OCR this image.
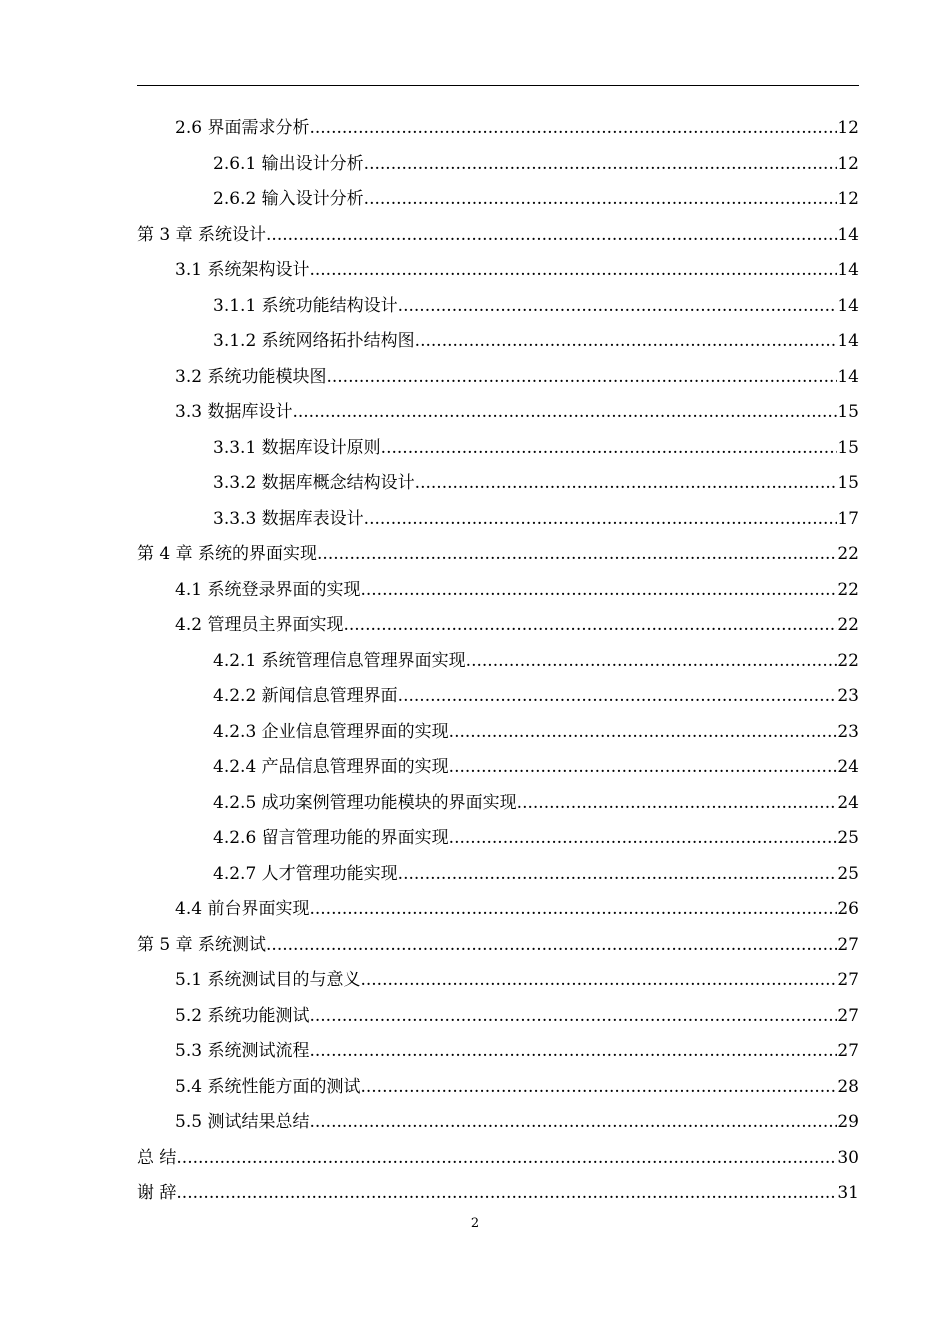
2.6 界面需求分析 .....	12
2.6.1 输出设计分析 .....	12
2.6.2 输入设计分析 .....	12
第 3 章 系统设计 .....	14
3.1 系统架构设计 .....	14
3.1.1 系统功能结构设计 .....	14
3.1.2 系统网络拓扑结构图 .....	14
3.2 系统功能模块图 .....	14
3.3 数据库设计 .....	15
3.3.1 数据库设计原则 .....	15
3.3.2 数据库概念结构设计 .....	15
3.3.3 数据库表设计 .....	17
第 4 章 系统的界面实现 .....	22
4.1 系统登录界面的实现 .....	22
4.2 管理员主界面实现 .....	22
4.2.1 系统管理信息管理界面实现 .....	22
4.2.2 新闻信息管理界面 .....	23
4.2.3 企业信息管理界面的实现 .....	23
4.2.4 产品信息管理界面的实现 .....	24
4.2.5 成功案例管理功能模块的界面实现 .....	24
4.2.6 留言管理功能的界面实现 .....	25
4.2.7 人才管理功能实现 .....	25
4.4 前台界面实现 .....	26
第 5 章 系统测试 .....	27
5.1 系统测试目的与意义 .....	27
5.2 系统功能测试 .....	27
5.3 系统测试流程 .....	27
5.4 系统性能方面的测试 .....	28
5.5 测试结果总结 .....	29
总 结 .....	30
谢 辞 .....	31
2
